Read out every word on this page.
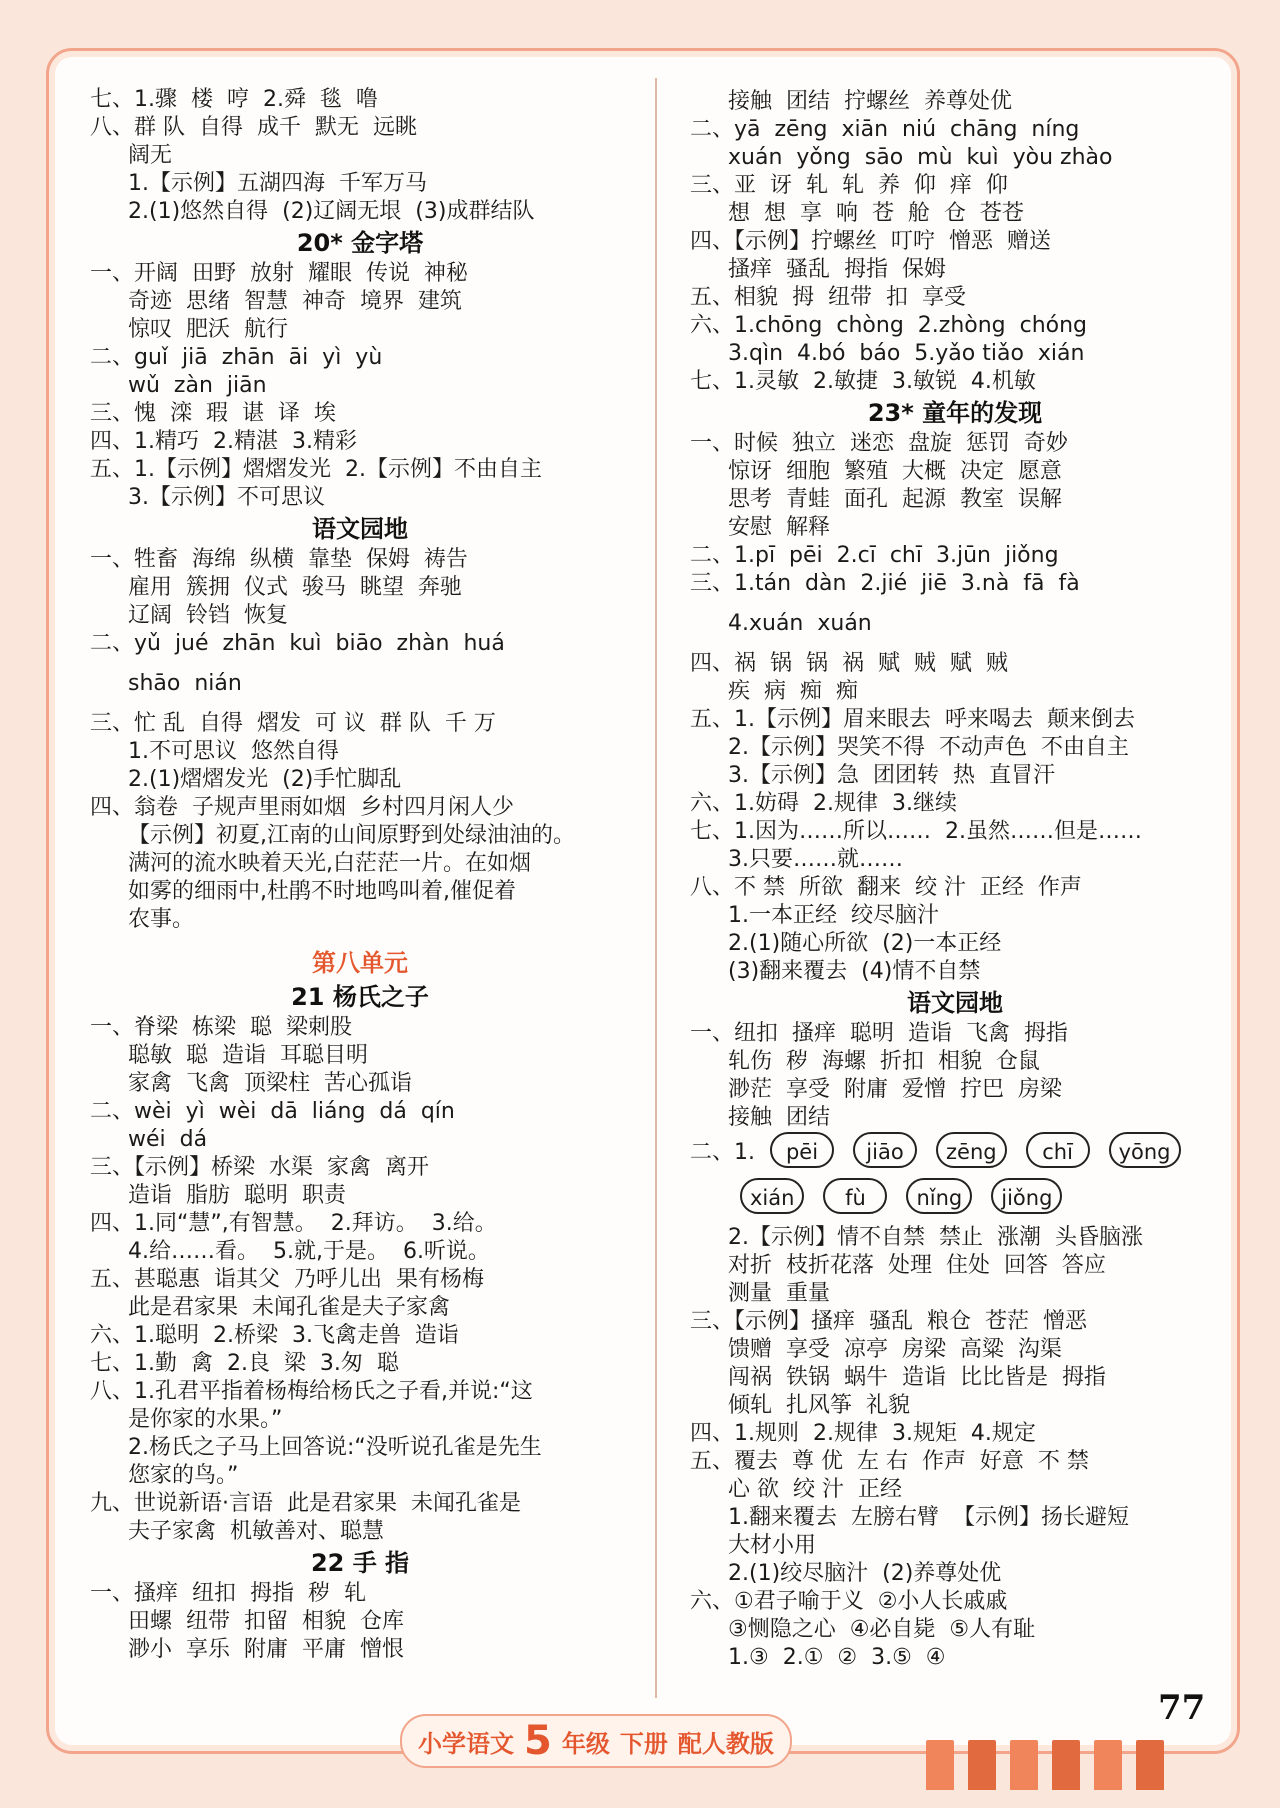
七、1.骤  楼  哼  2.舜  毯  噜
八、群 队  自得  成千  默无  远眺
阔无
1.【示例】五湖四海  千军万马
2.(1)悠然自得  (2)辽阔无垠  (3)成群结队
20* 金字塔
一、开阔  田野  放射  耀眼  传说  神秘
奇迹  思绪  智慧  神奇  境界  建筑
惊叹  肥沃  航行
二、guǐ  jiā  zhān  āi  yì  yù
wǔ  zàn  jiān
三、愧  滦  瑕  谌  译  埃
四、1.精巧  2.精湛  3.精彩
五、1.【示例】熠熠发光  2.【示例】不由自主
3.【示例】不可思议
语文园地
一、牲畜  海绵  纵横  靠垫  保姆  祷告
雇用  簇拥  仪式  骏马  眺望  奔驰
辽阔  铃铛  恢复
二、yǔ  jué  zhān  kuì  biāo  zhàn  huá
shāo  nián
三、忙 乱  自得  熠发  可 议  群 队  千 万
1.不可思议  悠然自得
2.(1)熠熠发光  (2)手忙脚乱
四、翁卷  子规声里雨如烟  乡村四月闲人少
【示例】初夏,江南的山间原野到处绿油油的。
满河的流水映着天光,白茫茫一片。在如烟
如雾的细雨中,杜鹃不时地鸣叫着,催促着
农事。
第八单元
21 杨氏之子
一、脊梁  栋梁  聪  梁刺股
聪敏  聪  造诣  耳聪目明
家禽  飞禽  顶梁柱  苦心孤诣
二、wèi  yì  wèi  dā  liáng  dá  qín
wéi  dá
三、【示例】桥梁  水渠  家禽  离开
造诣  脂肪  聪明  职责
四、1.同“慧”,有智慧。  2.拜访。  3.给。
4.给……看。  5.就,于是。  6.听说。
五、甚聪惠  诣其父  乃呼儿出  果有杨梅
此是君家果  未闻孔雀是夫子家禽
六、1.聪明  2.桥梁  3.飞禽走兽  造诣
七、1.勤  禽  2.良  梁  3.匆  聪
八、1.孔君平指着杨梅给杨氏之子看,并说:“这
是你家的水果。”
2.杨氏之子马上回答说:“没听说孔雀是先生
您家的鸟。”
九、世说新语·言语  此是君家果  未闻孔雀是
夫子家禽  机敏善对、聪慧
22 手 指
一、搔痒  纽扣  拇指  秽  轧
田螺  纽带  扣留  相貌  仓库
渺小  享乐  附庸  平庸  憎恨
接触  团结  拧螺丝  养尊处优
二、yā  zēng  xiān  niú  chāng  níng
xuán  yǒng  sāo  mù  kuì  yòu zhào
三、亚  讶  轧  轧  养  仰  痒  仰
想  想  享  响  苍  舱  仓  苍苍
四、【示例】拧螺丝  叮咛  憎恶  赠送
搔痒  骚乱  拇指  保姆
五、相貌  拇  纽带  扣  享受
六、1.chōng  chòng  2.zhòng  chóng
3.qìn  4.bó  báo  5.yǎo tiǎo  xián
七、1.灵敏  2.敏捷  3.敏锐  4.机敏
23* 童年的发现
一、时候  独立  迷恋  盘旋  惩罚  奇妙
惊讶  细胞  繁殖  大概  决定  愿意
思考  青蛙  面孔  起源  教室  误解
安慰  解释
二、1.pī  pēi  2.cī  chī  3.jūn  jiǒng
三、1.tán  dàn  2.jié  jiē  3.nà  fā  fà
4.xuán  xuán
四、祸  锅  锅  祸  赋  贼  赋  贼
疾  病  痴  痴
五、1.【示例】眉来眼去  呼来喝去  颠来倒去
2.【示例】哭笑不得  不动声色  不由自主
3.【示例】急  团团转  热  直冒汗
六、1.妨碍  2.规律  3.继续
七、1.因为……所以……  2.虽然……但是……
3.只要……就……
八、不 禁  所欲  翻来  绞 汁  正经  作声
1.一本正经  绞尽脑汁
2.(1)随心所欲  (2)一本正经
(3)翻来覆去  (4)情不自禁
语文园地
一、纽扣  搔痒  聪明  造诣  飞禽  拇指
轧伤  秽  海螺  折扣  相貌  仓鼠
渺茫  享受  附庸  爱憎  拧巴  房梁
接触  团结
二、1. pēi jiāo zēng chī yōng
xián fù nǐng jiǒng
2.【示例】情不自禁  禁止  涨潮  头昏脑涨
对折  枝折花落  处理  住处  回答  答应
测量  重量
三、【示例】搔痒  骚乱  粮仓  苍茫  憎恶
馈赠  享受  凉亭  房梁  高粱  沟渠
闯祸  铁锅  蜗牛  造诣  比比皆是  拇指
倾轧  扎风筝  礼貌
四、1.规则  2.规律  3.规矩  4.规定
五、覆去  尊 优  左 右  作声  好意  不 禁
心 欲  绞 汁  正经
1.翻来覆去  左膀右臂  【示例】扬长避短
大材小用
2.(1)绞尽脑汁  (2)养尊处优
六、①君子喻于义  ②小人长戚戚
③恻隐之心  ④必自毙  ⑤人有耻
1.③  2.①  ②  3.⑤  ④
77
小学语文 5 年级 下册 配人教版
